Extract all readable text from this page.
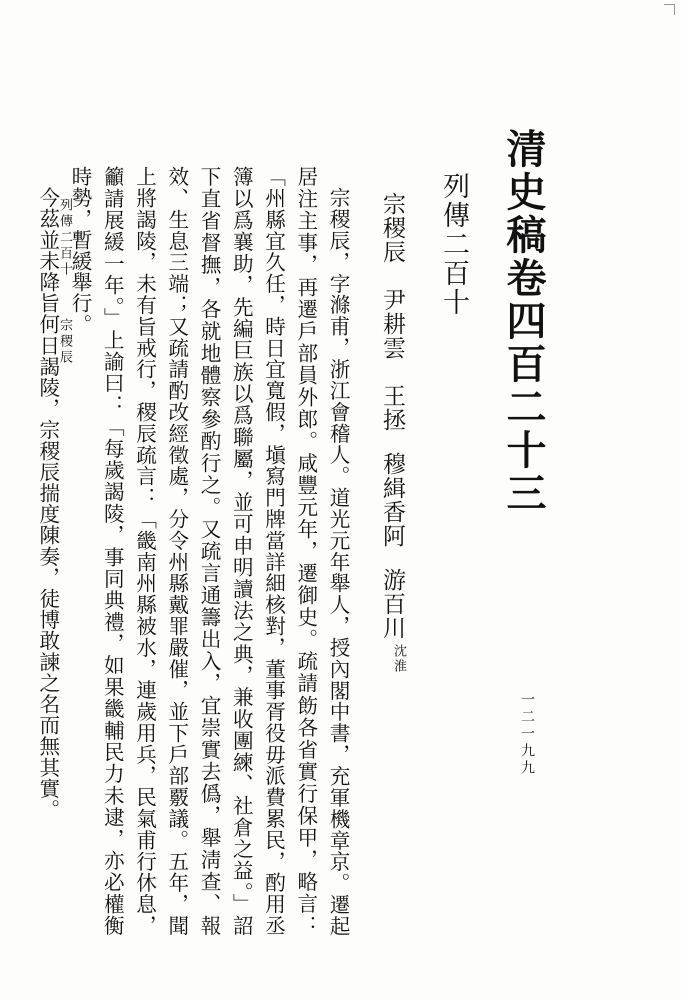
清史稿卷四百二十三
列傳二百十
宗稷辰
尹耕雲
王拯
穆緝香阿
游百川
沈淮

宗稷辰，字滌甫，浙江會稽人。道光元年舉人，授內閣中書，充軍機章京。遷起居注主事，再遷戶部員外郎。咸豐元年，遷御史。疏請飭各省實行保甲，略言：「州縣宜久任，時日宜寬假，塡寫門牌當詳細核對，董事胥役毋派費累民，酌用丞簿以爲襄助，先編巨族以爲聯屬，並可申明讀法之典，兼收團練、社倉之益。」詔下直省督撫，各就地體察參酌行之。又疏言通籌出入，宜崇實去僞，舉淸查、報效、生息三端；又疏請酌改經徵處，分令州縣戴罪嚴催，並下戶部覈議。五年，聞上將謁陵，未有旨戒行，稷辰疏言：「畿南州縣被水，連歲用兵，民氣甫行休息，籲請展緩一年。」上諭曰：「每歲謁陵，事同典禮，如果畿輔民力未逮，亦必權衡時勢，暫緩舉行。

今茲並未降旨何日謁陵，宗稷辰揣度陳奏，徒博敢諫之名而無其實。

列傳二百十宗稷辰
一二一九九
